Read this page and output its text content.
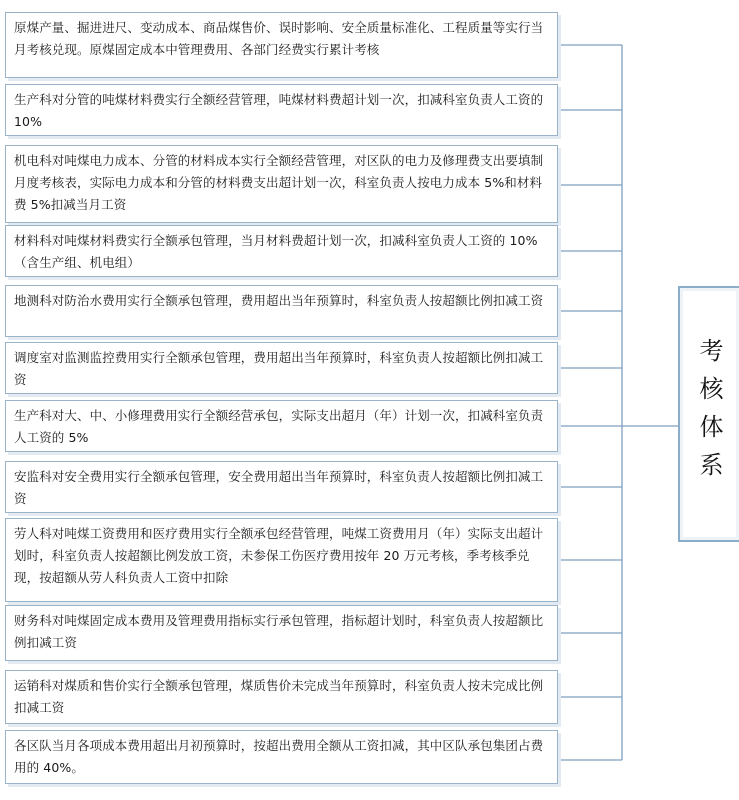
原煤产量、掘进进尺、变动成本、商品煤售价、误时影响、安全质量标准化、工程质量等实行当月考核兑现。原煤固定成本中管理费用、各部门经费实行累计考核
生产科对分管的吨煤材料费实行全额经营管理，吨煤材料费超计划一次，扣减科室负责人工资的 10%
机电科对吨煤电力成本、分管的材料成本实行全额经营管理，对区队的电力及修理费支出要填制月度考核表，实际电力成本和分管的材料费支出超计划一次，科室负责人按电力成本 5%和材料费 5%扣减当月工资
材料科对吨煤材料费实行全额承包管理，当月材料费超计划一次，扣减科室负责人工资的 10%（含生产组、机电组）
地测科对防治水费用实行全额承包管理，费用超出当年预算时，科室负责人按超额比例扣减工资
调度室对监测监控费用实行全额承包管理，费用超出当年预算时，科室负责人按超额比例扣减工资
生产科对大、中、小修理费用实行全额经营承包，实际支出超月（年）计划一次，扣减科室负责人工资的 5%
安监科对安全费用实行全额承包管理，安全费用超出当年预算时，科室负责人按超额比例扣减工资
劳人科对吨煤工资费用和医疗费用实行全额承包经营管理，吨煤工资费用月（年）实际支出超计划时，科室负责人按超额比例发放工资，未参保工伤医疗费用按年 20 万元考核，季考核季兑现，按超额从劳人科负责人工资中扣除
财务科对吨煤固定成本费用及管理费用指标实行承包管理，指标超计划时，科室负责人按超额比例扣减工资
运销科对煤质和售价实行全额承包管理，煤质售价未完成当年预算时，科室负责人按未完成比例扣减工资
各区队当月各项成本费用超出月初预算时，按超出费用全额从工资扣减，其中区队承包集团占费用的 40%。
考核体系
